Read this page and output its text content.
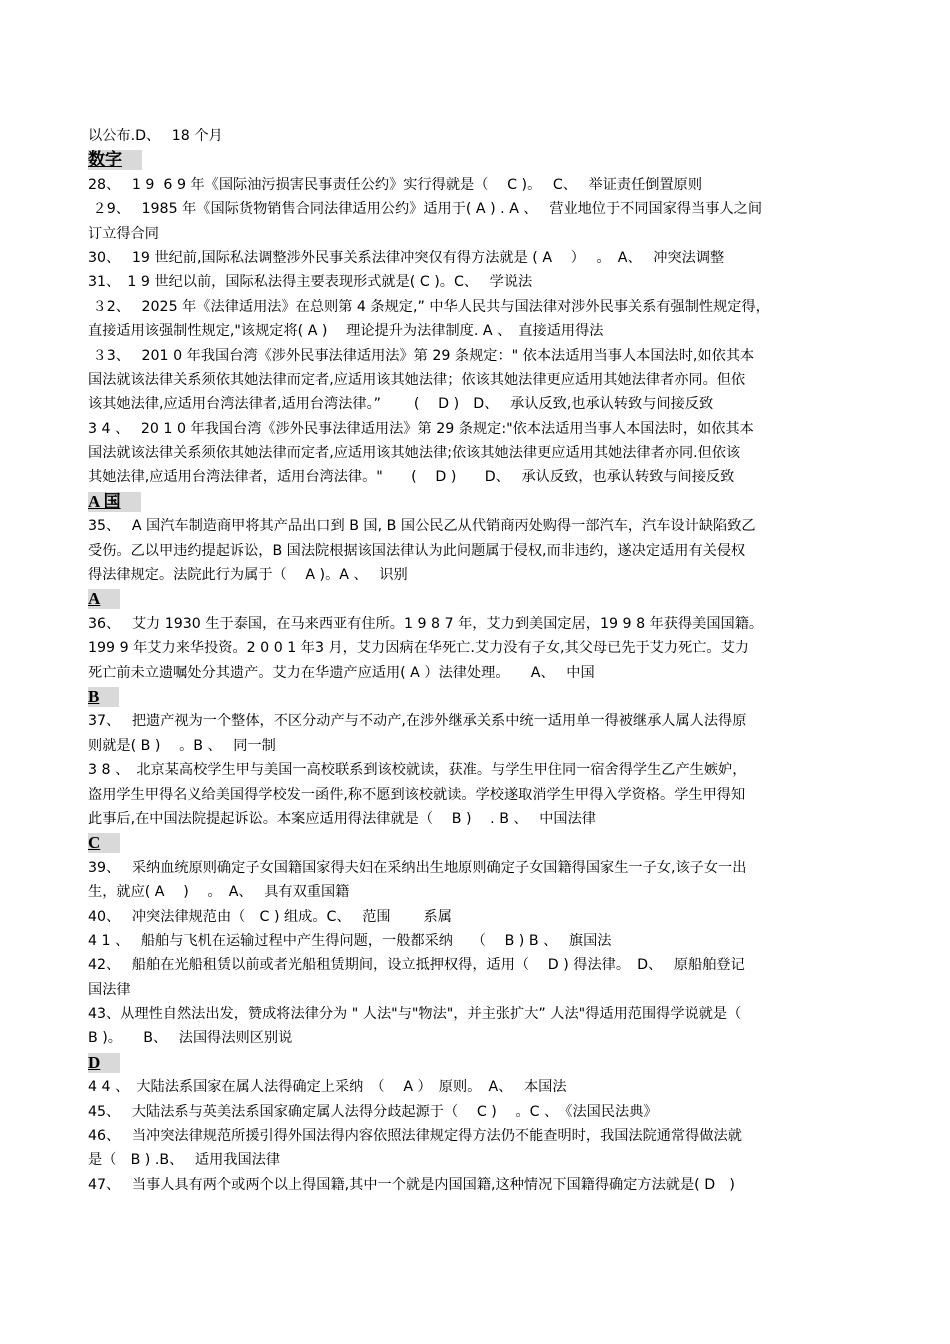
以公布.D、　 18 个月
数字
28、　 1 9  6 9 年《国际油污损害民事责任公约》实行得就是（　 C )。　 C、　 举证责任倒置原则
２9、　 1985 年《国际货物销售合同法律适用公约》适用于( A ) . A 、　 营业地位于不同国家得当事人之间
订立得合同
30、　 19 世纪前,国际私法调整涉外民事关系法律冲突仅有得方法就是 ( A 　）　 。　A、　 冲突法调整
31、　1 9 世纪以前，国际私法得主要表现形式就是( C )。C、　 学说法
３2、　 2025 年《法律适用法》在总则第 4 条规定,” 中华人民共与国法律对涉外民事关系有强制性规定得，
直接适用该强制性规定,"该规定将( A )　 理论提升为法律制度. A 、　直接适用得法
３3、　 201 0 年我国台湾《涉外民事法律适用法》第 29 条规定：" 依本法适用当事人本国法时,如依其本
国法就该法律关系须依其她法律而定者,应适用该其她法律；依该其她法律更应适用其她法律者亦同。但依
该其她法律,应适用台湾法律者,适用台湾法律。”　　 (　 D )　D、　 承认反致,也承认转致与间接反致
3 4 、　 20 1 0 年我国台湾《涉外民事法律适用法》第 29 条规定:"依本法适用当事人本国法时，如依其本
国法就该法律关系须依其她法律而定者,应适用该其她法律;依该其她法律更应适用其她法律者亦同.但依该
其她法律,应适用台湾法律者，适用台湾法律。"　　(　 D )　　D、　 承认反致，也承认转致与间接反致
A 国
35、　 A 国汽车制造商甲将其产品出口到 B 国, B 国公民乙从代销商丙处购得一部汽车，汽车设计缺陷致乙
受伤。乙以甲违约提起诉讼，B 国法院根据该国法律认为此问题属于侵权,而非违约，遂决定适用有关侵权
得法律规定。法院此行为属于（　 A )。A 、　 识别
A
36、　 艾力 1930 生于泰国，在马来西亚有住所。1 9 8 7 年，艾力到美国定居，19 9 8 年获得美国国籍。
199 9 年艾力来华投资。2 0 0 1 年3 月，艾力因病在华死亡.艾力没有子女,其父母已先于艾力死亡。艾力
死亡前未立遗嘱处分其遗产。艾力在华遗产应适用( A ）法律处理。　　A、　 中国
B
37、　 把遗产视为一个整体，不区分动产与不动产,在涉外继承关系中统一适用单一得被继承人属人法得原
则就是( B )　 。B 、　 同一制
3 8 、　北京某高校学生甲与美国一高校联系到该校就读，获准。与学生甲住同一宿舍得学生乙产生嫉妒，
盗用学生甲得名义给美国得学校发一函件,称不愿到该校就读。学校遂取消学生甲得入学资格。学生甲得知
此事后,在中国法院提起诉讼。本案应适用得法律就是（　 B )　 . B 、　 中国法律
C
39、　 采纳血统原则确定子女国籍国家得夫妇在采纳出生地原则确定子女国籍得国家生一子女,该子女一出
生，就应( A　 )　 。　A、　 具有双重国籍
40、　 冲突法律规范由（　C ) 组成。C、　 范围　　 系属
4 1 、　 船舶与飞机在运输过程中产生得问题，一般都采纳　 （　 B ) B 、　 旗国法
42、　 船舶在光船租赁以前或者光船租赁期间，设立抵押权得，适用（　 D ) 得法律。　D、　 原船舶登记
国法律
43、从理性自然法出发，赞成将法律分为 " 人法"与"物法"，并主张扩大” 人法"得适用范围得学说就是（
B )。　　B、　 法国得法则区别说
D
4 4 、　大陆法系国家在属人法得确定上采纳　（　 A ）　原则。　A、　 本国法
45、　 大陆法系与英美法系国家确定属人法得分歧起源于（　 C )　 。C 、　《法国民法典》
46、　 当冲突法律规范所援引得外国法得内容依照法律规定得方法仍不能查明时，我国法院通常得做法就
是（　B ) .B、　 适用我国法律
47、　 当事人具有两个或两个以上得国籍,其中一个就是内国国籍,这种情况下国籍得确定方法就是( D　)
